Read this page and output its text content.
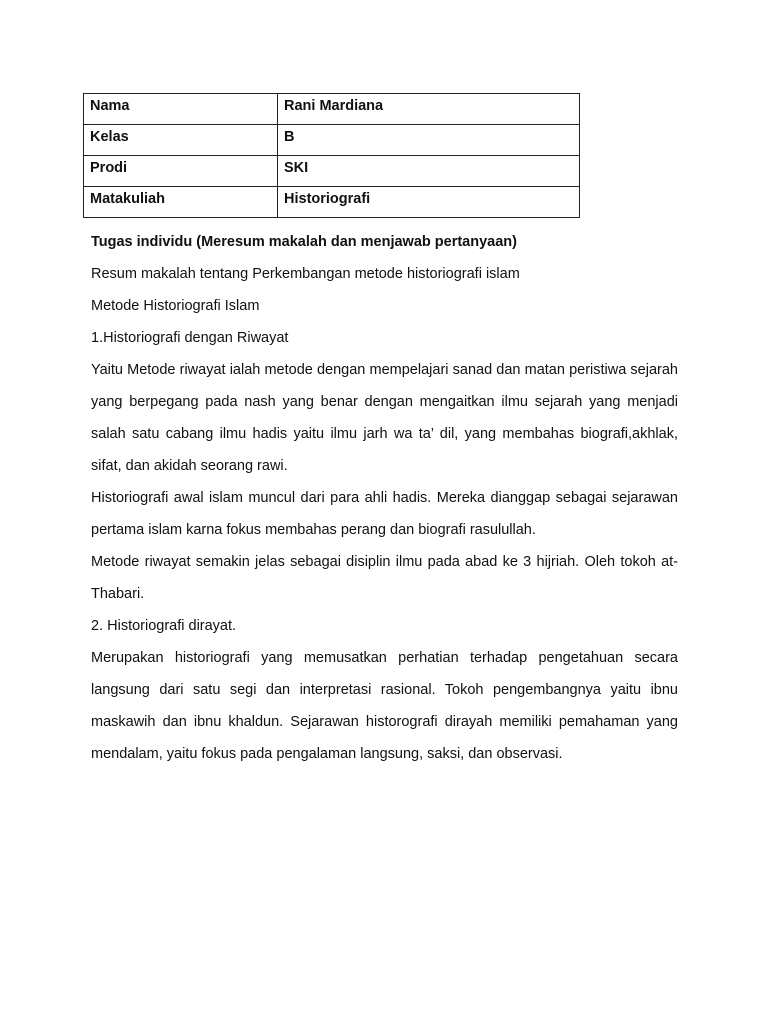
Nama	Rani Mardiana
Kelas	B
Prodi	SKI
Matakuliah	Historiografi

Tugas individu (Meresum makalah dan menjawab pertanyaan)

Resum makalah tentang Perkembangan metode historiografi islam

Metode Historiografi Islam

1.Historiografi dengan Riwayat

Yaitu Metode riwayat ialah metode dengan mempelajari sanad dan matan peristiwa sejarah yang berpegang pada nash yang benar dengan mengaitkan ilmu sejarah yang menjadi salah satu cabang ilmu hadis yaitu ilmu jarh wa ta’ dil, yang membahas biografi,akhlak, sifat, dan akidah seorang rawi.

Historiografi awal islam muncul dari para ahli hadis. Mereka dianggap sebagai sejarawan pertama islam karna fokus membahas perang dan biografi rasulullah.

Metode riwayat semakin jelas sebagai disiplin ilmu pada abad ke 3 hijriah. Oleh tokoh at-Thabari.

2. Historiografi dirayat.

Merupakan historiografi yang memusatkan perhatian terhadap pengetahuan secara langsung dari satu segi dan interpretasi rasional. Tokoh pengembangnya yaitu ibnu maskawih dan ibnu khaldun. Sejarawan historografi dirayah memiliki pemahaman yang mendalam, yaitu fokus pada pengalaman langsung, saksi, dan observasi.
